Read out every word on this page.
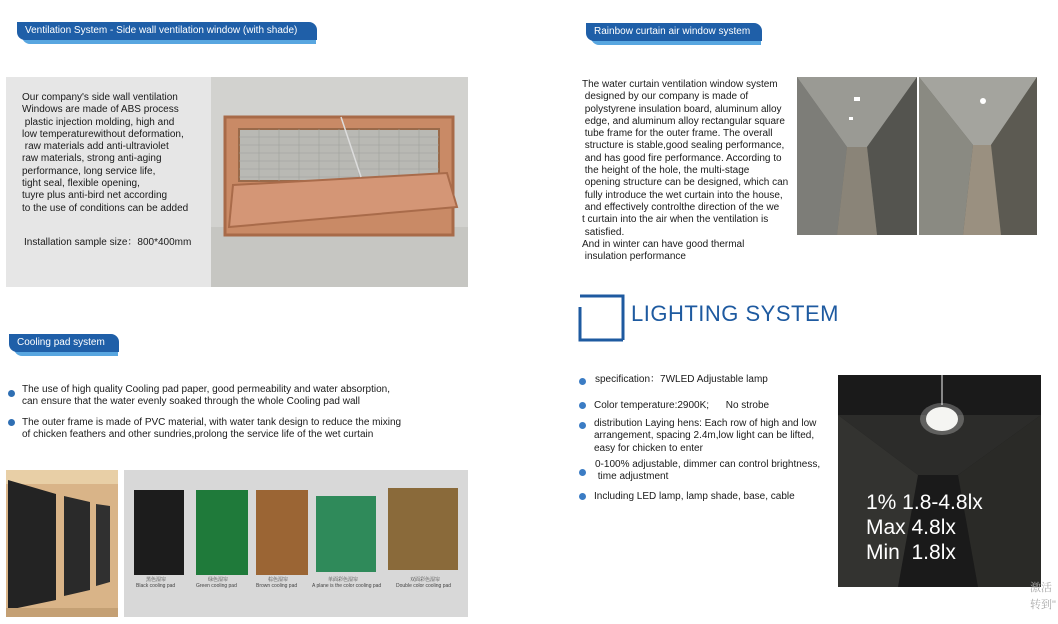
Ventilation System - Side wall ventilation window (with shade)
Our company's side wall ventilation
Windows are made of ABS process
plastic injection molding, high and
low temperaturewithout deformation,
raw materials add anti-ultraviolet
raw materials, strong anti-aging
performance, long service life,
tight seal, flexible opening,
tuyre plus anti-bird net according
to the use of conditions can be added
Installation sample size：800*400mm
Rainbow curtain air window system
The water curtain ventilation window system
designed by our company is made of
polystyrene insulation board, aluminum alloy
edge, and aluminum alloy rectangular square
tube frame for the outer frame. The overall
structure is stable,good sealing performance,
and has good fire performance. According to
the height of the hole, the multi-stage
opening structure can be designed, which can
fully introduce the wet curtain into the house,
and effectively controlthe direction of the we
t curtain into the air when the ventilation is
satisfied.
And in winter can have good thermal
insulation performance
LIGHTING SYSTEM
specification：7WLED Adjustable lamp
Color temperature:2900K;      No strobe
distribution Laying hens: Each row of high and low
arrangement, spacing 2.4m,low light can be lifted,
easy for chicken to enter
0-100% adjustable, dimmer can control brightness,
time adjustment
Including LED lamp, lamp shade, base, cable	1% 1.8-4.8lx
Max 4.8lx
Min  1.8lx
Cooling pad system
The use of high quality Cooling pad paper, good permeability and water absorption,
can ensure that the water evenly soaked through the whole Cooling pad wall
The outer frame is made of PVC material, with water tank design to reduce the mixing
of chicken feathers and other sundries,prolong the service life of the wet curtain
黑色湿帘
Black cooling pad
绿色湿帘
Green cooling pad
棕色湿帘
Brown cooling pad
单面彩色湿帘
A plane is the color cooling pad
双面彩色湿帘
Double color cooling pad	激活
转到"
